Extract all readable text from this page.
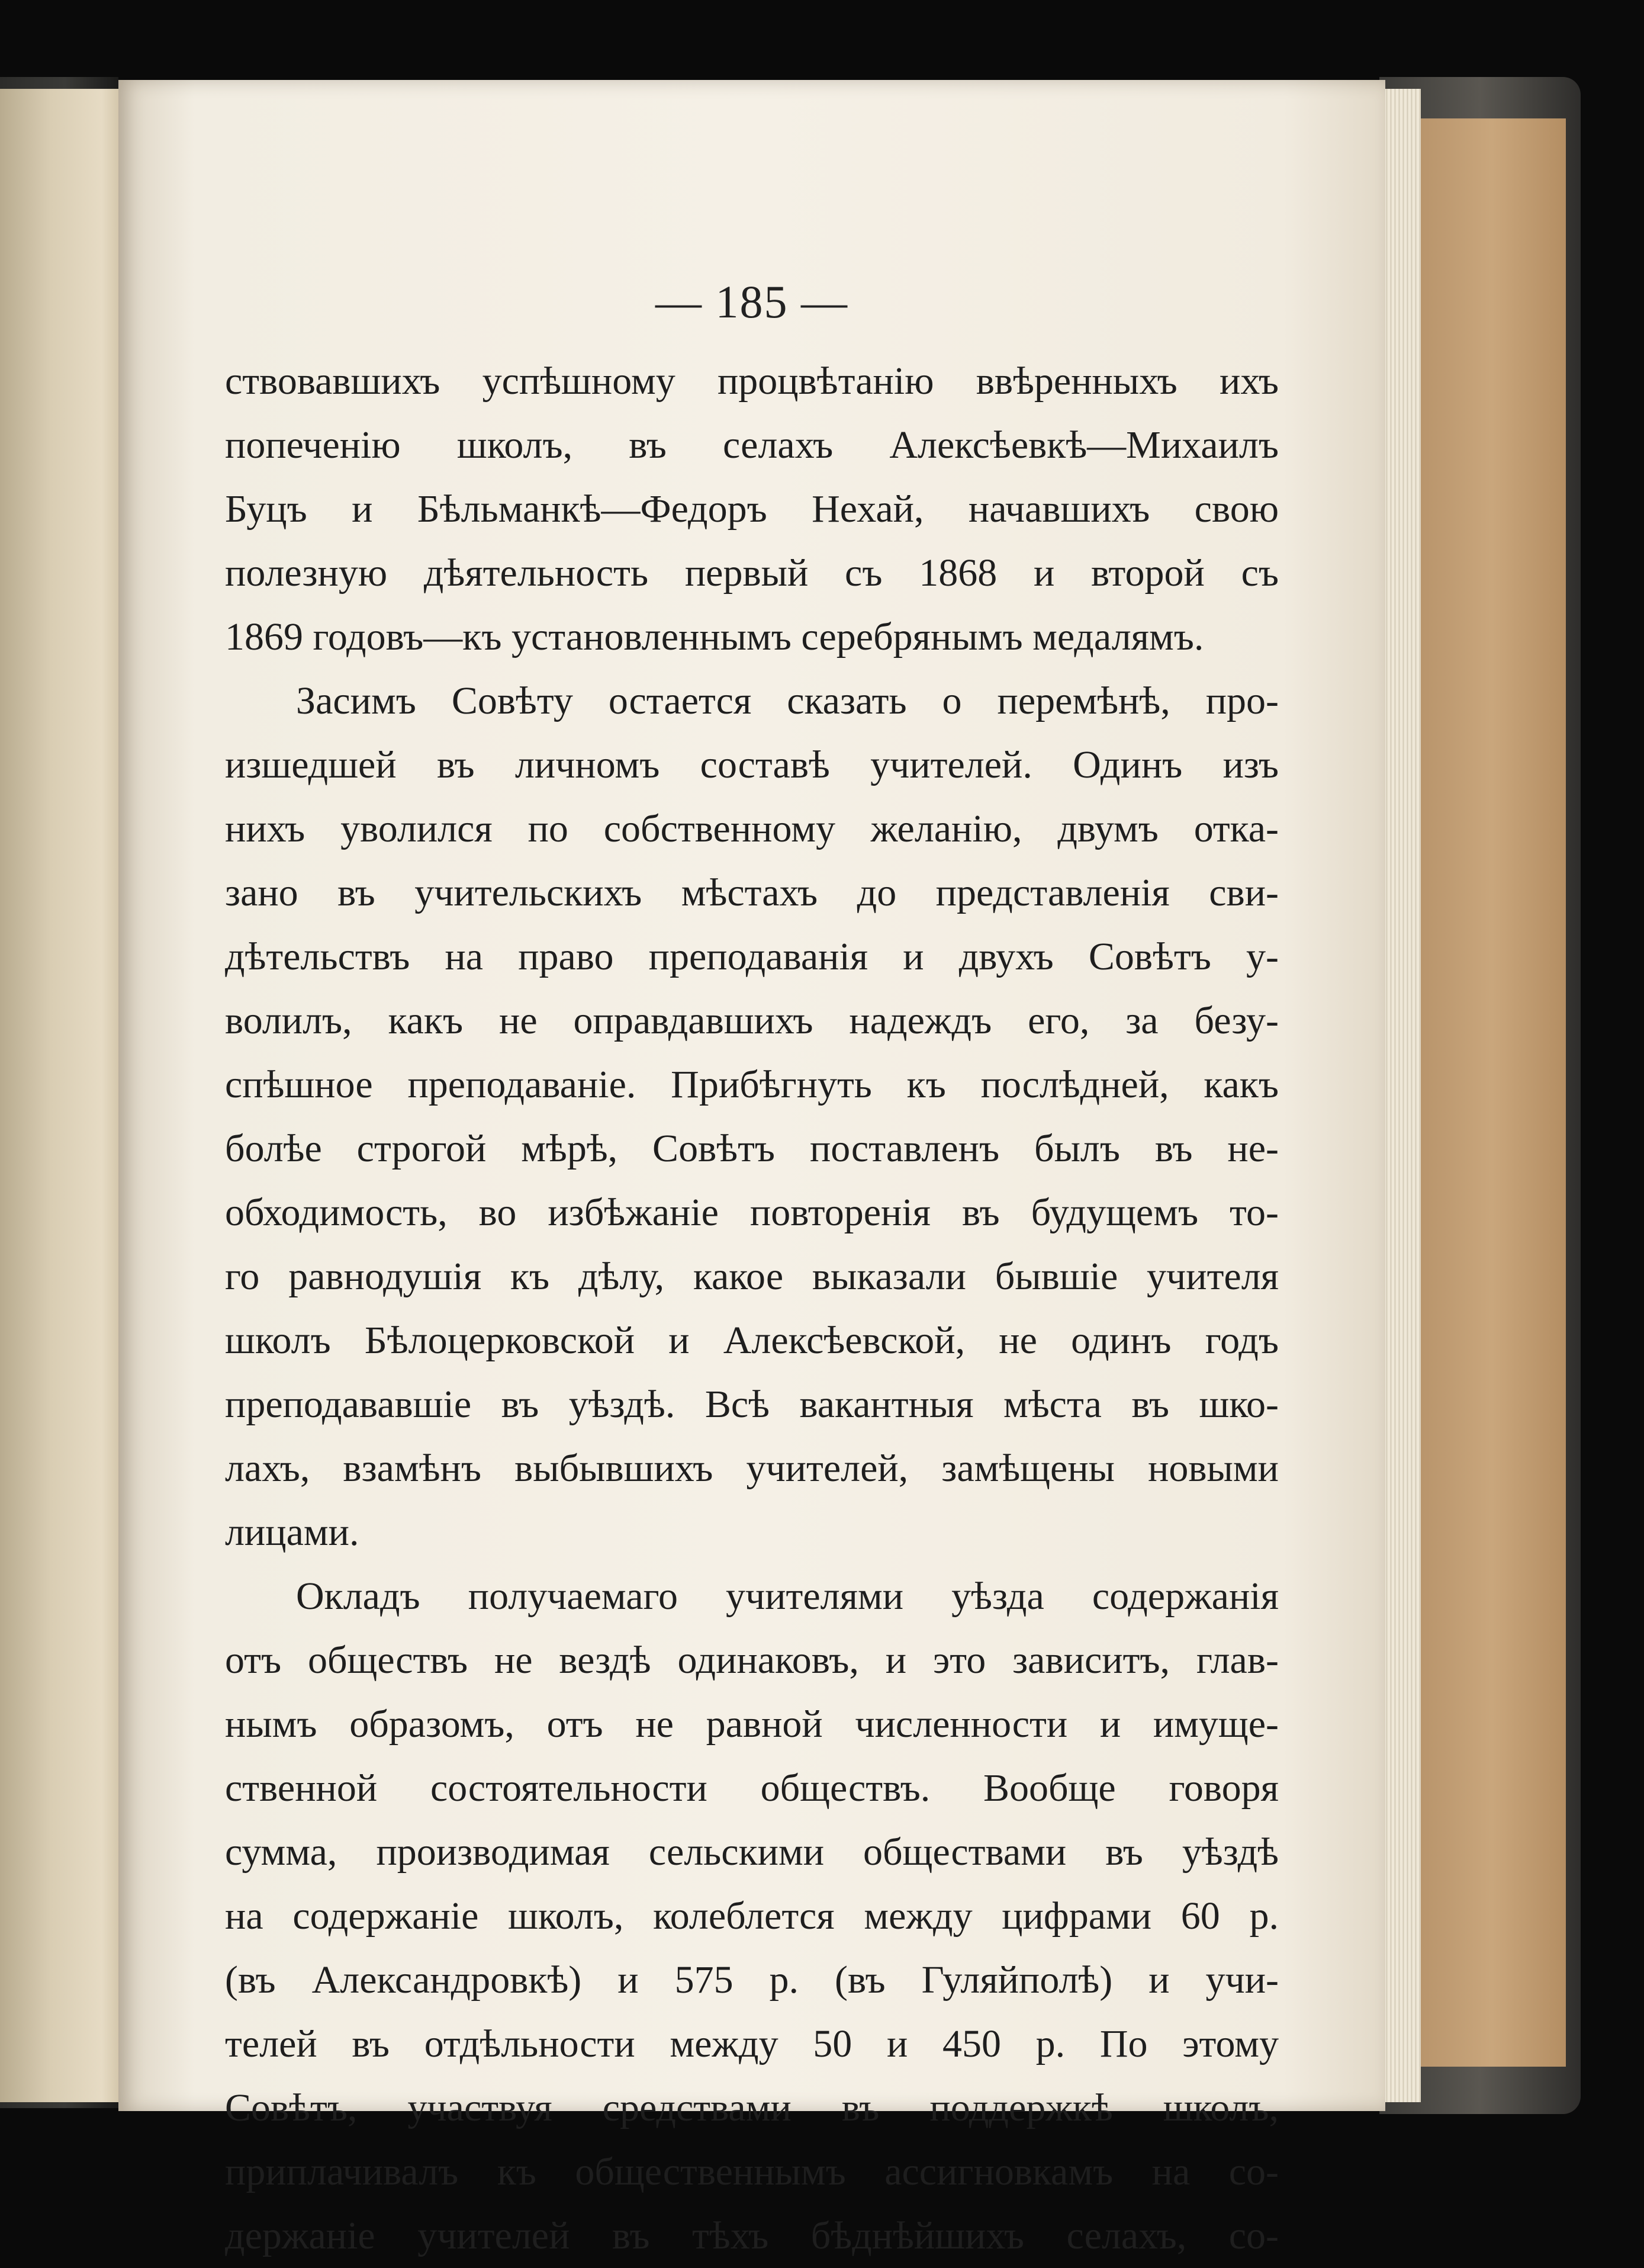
— 185 —
ствовавшихъ успѣшному процвѣтанію ввѣренныхъ ихъ
попеченію школъ, въ селахъ Алексѣевкѣ—Михаилъ
Буцъ и Бѣльманкѣ—Федоръ Нехай, начавшихъ свою
полезную дѣятельность первый съ 1868 и второй съ
1869 годовъ—къ установленнымъ серебрянымъ медалямъ.
Засимъ Совѣту остается сказать о перемѣнѣ, про-
изшедшей въ личномъ составѣ учителей. Одинъ изъ
нихъ уволился по собственному желанію, двумъ отка-
зано въ учительскихъ мѣстахъ до представленія сви-
дѣтельствъ на право преподаванія и двухъ Совѣтъ у-
волилъ, какъ не оправдавшихъ надеждъ его, за безу-
спѣшное преподаваніе. Прибѣгнуть къ послѣдней, какъ
болѣе строгой мѣрѣ, Совѣтъ поставленъ былъ въ не-
обходимость, во избѣжаніе повторенія въ будущемъ то-
го равнодушія къ дѣлу, какое выказали бывшіе учителя
школъ Бѣлоцерковской и Алексѣевской, не одинъ годъ
преподававшіе въ уѣздѣ. Всѣ вакантныя мѣста въ шко-
лахъ, взамѣнъ выбывшихъ учителей, замѣщены новыми
лицами.
Окладъ получаемаго учителями уѣзда содержанія
отъ обществъ не вездѣ одинаковъ, и это зависитъ, глав-
нымъ образомъ, отъ не равной численности и имуще-
ственной состоятельности обществъ. Вообще говоря
сумма, производимая сельскими обществами въ уѣздѣ
на содержаніе школъ, колеблется между цифрами 60 р.
(въ Александровкѣ) и 575 р. (въ Гуляйполѣ) и учи-
телей въ отдѣльности между 50 и 450 р. По этому
Совѣтъ, участвуя средствами въ поддержкѣ школъ,
приплачивалъ къ общественнымъ ассигновкамъ на со-
держаніе учителей въ тѣхъ бѣднѣйшихъ селахъ, со-
